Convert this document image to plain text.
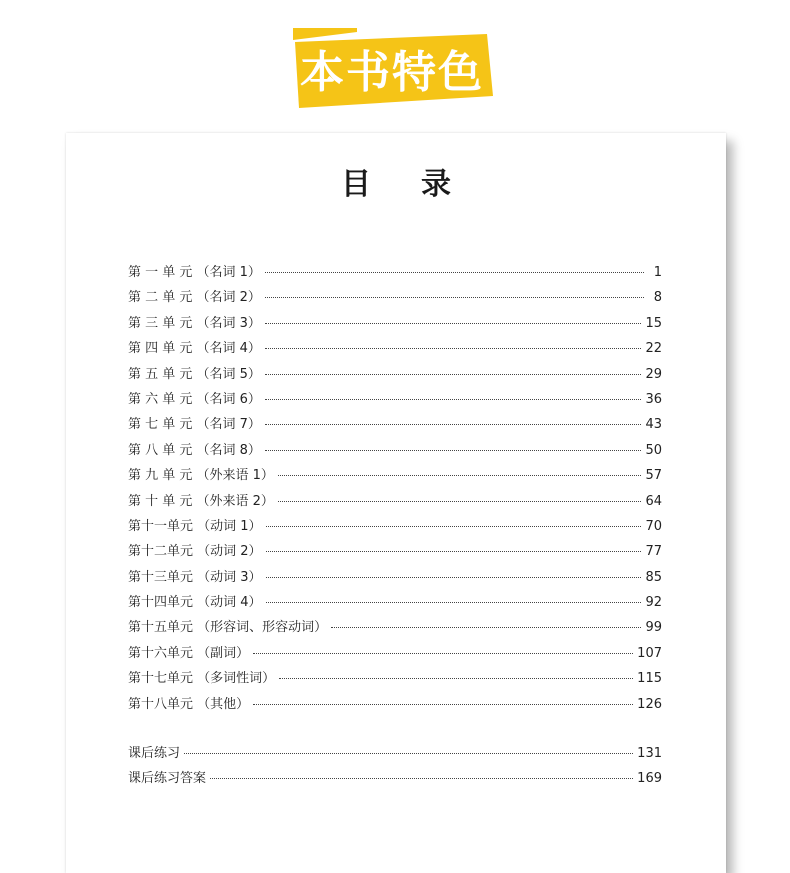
本书特色
目 录
第 一 单 元 （名词 1）	1
第 二 单 元 （名词 2）	8
第 三 单 元 （名词 3）	15
第 四 单 元 （名词 4）	22
第 五 单 元 （名词 5）	29
第 六 单 元 （名词 6）	36
第 七 单 元 （名词 7）	43
第 八 单 元 （名词 8）	50
第 九 单 元 （外来语 1）	57
第 十 单 元 （外来语 2）	64
第十一单元 （动词 1）	70
第十二单元 （动词 2）	77
第十三单元 （动词 3）	85
第十四单元 （动词 4）	92
第十五单元 （形容词、形容动词）	99
第十六单元 （副词）	107
第十七单元 （多词性词）	115
第十八单元 （其他）	126
课后练习	131
课后练习答案	169
